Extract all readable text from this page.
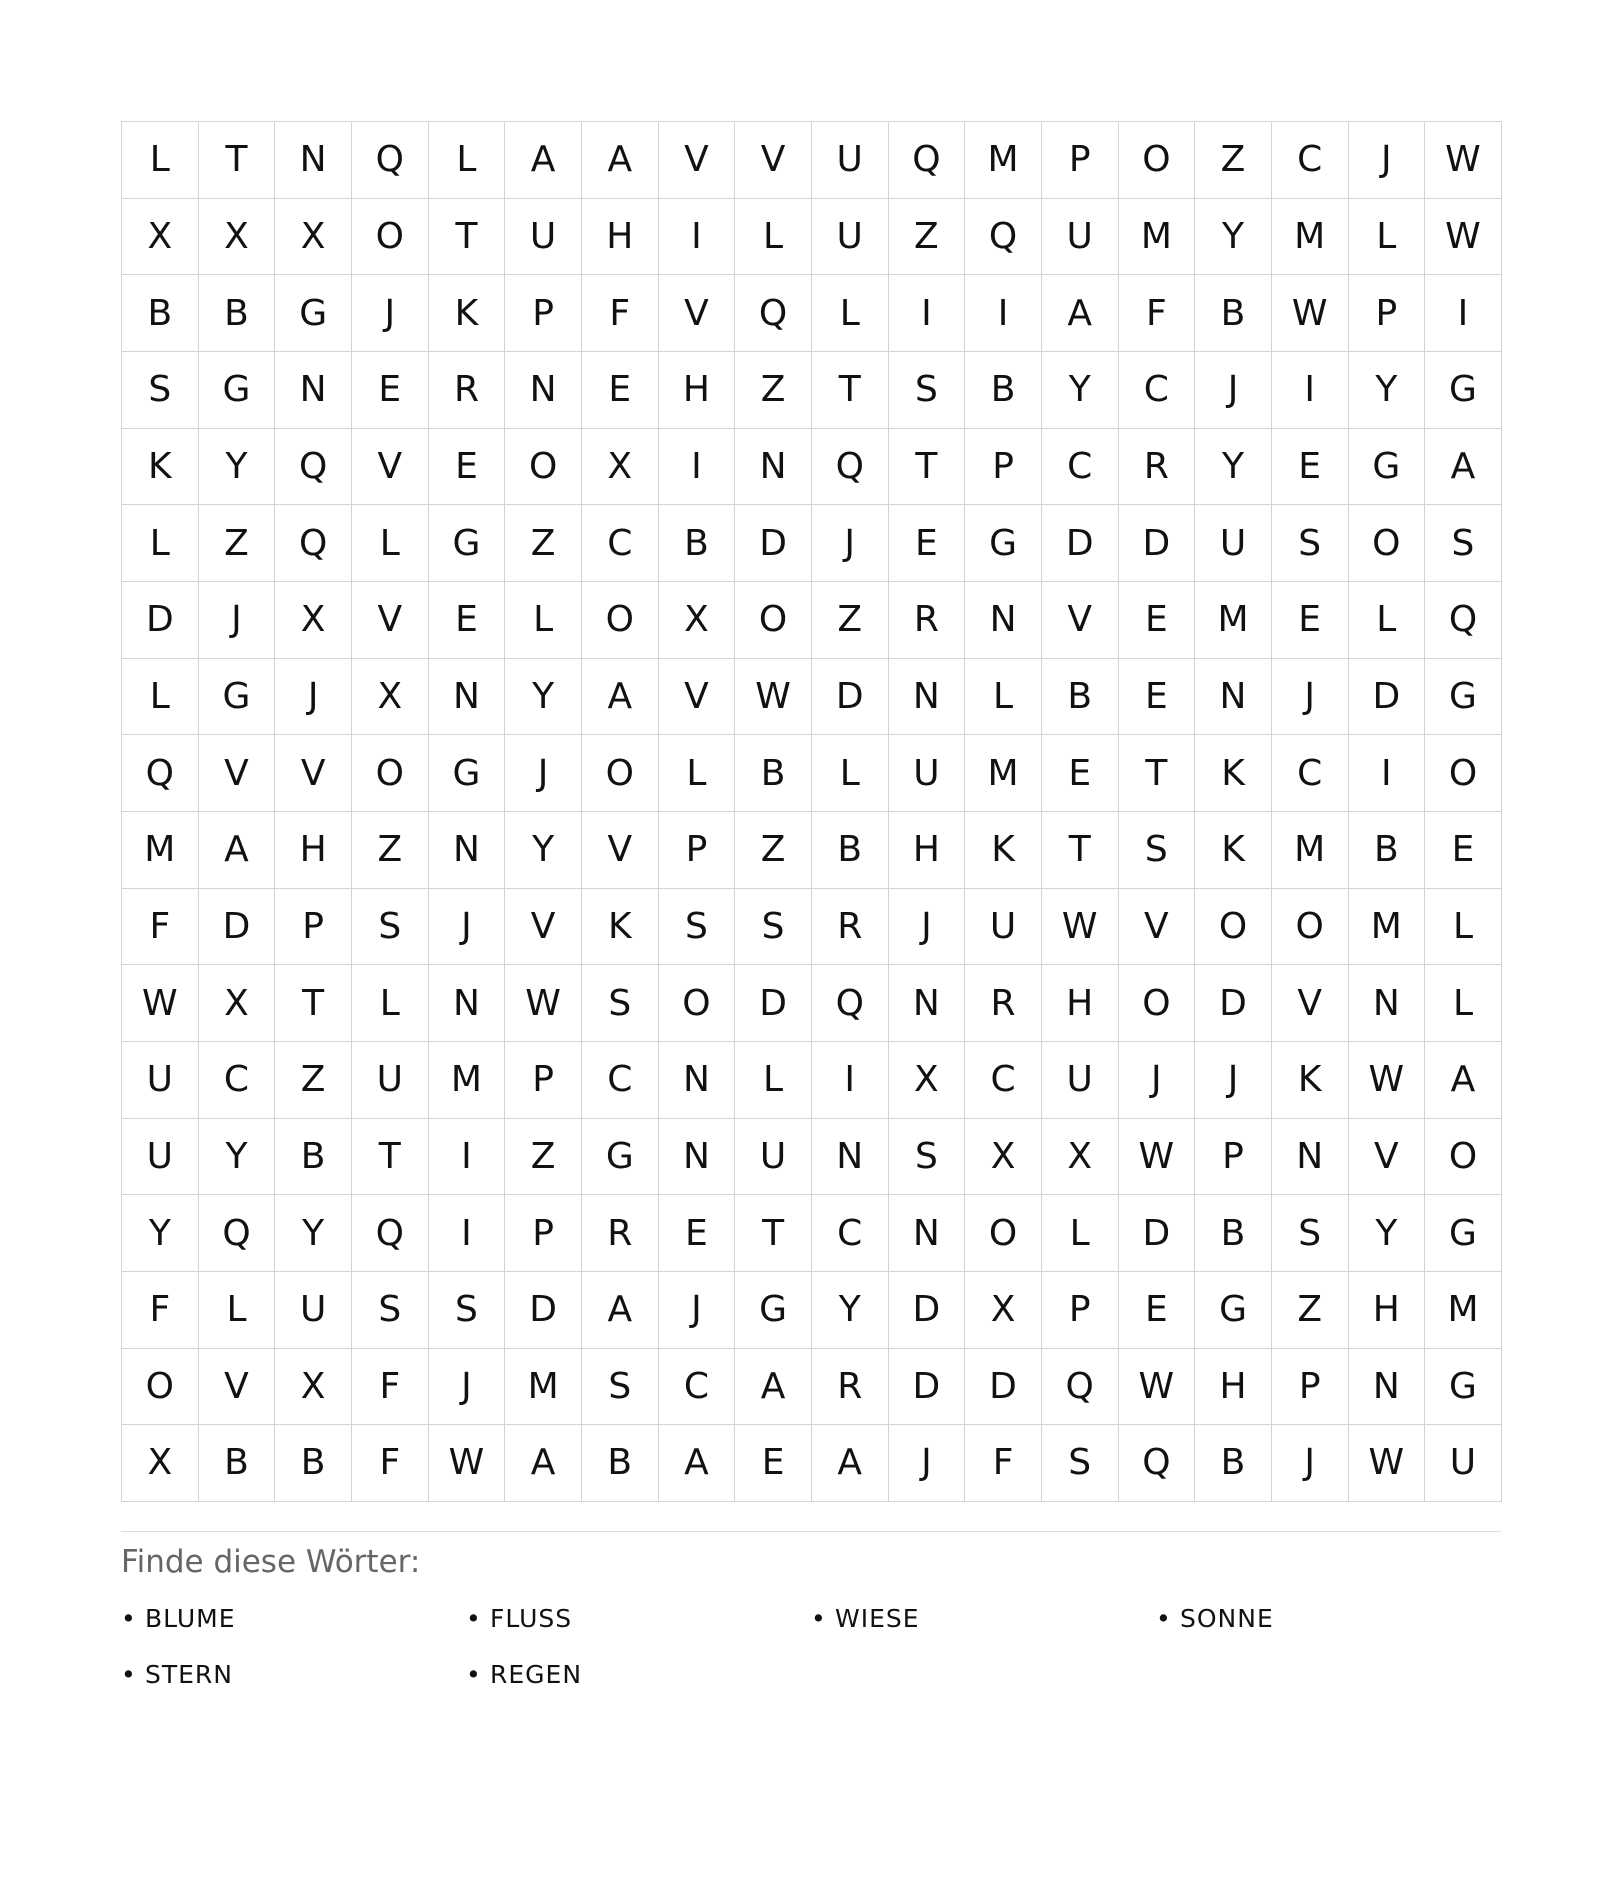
L	T	N	Q	L	A	A	V	V	U	Q	M	P	O	Z	C	J	W
X	X	X	O	T	U	H	I	L	U	Z	Q	U	M	Y	M	L	W
B	B	G	J	K	P	F	V	Q	L	I	I	A	F	B	W	P	I
S	G	N	E	R	N	E	H	Z	T	S	B	Y	C	J	I	Y	G
K	Y	Q	V	E	O	X	I	N	Q	T	P	C	R	Y	E	G	A
L	Z	Q	L	G	Z	C	B	D	J	E	G	D	D	U	S	O	S
D	J	X	V	E	L	O	X	O	Z	R	N	V	E	M	E	L	Q
L	G	J	X	N	Y	A	V	W	D	N	L	B	E	N	J	D	G
Q	V	V	O	G	J	O	L	B	L	U	M	E	T	K	C	I	O
M	A	H	Z	N	Y	V	P	Z	B	H	K	T	S	K	M	B	E
F	D	P	S	J	V	K	S	S	R	J	U	W	V	O	O	M	L
W	X	T	L	N	W	S	O	D	Q	N	R	H	O	D	V	N	L
U	C	Z	U	M	P	C	N	L	I	X	C	U	J	J	K	W	A
U	Y	B	T	I	Z	G	N	U	N	S	X	X	W	P	N	V	O
Y	Q	Y	Q	I	P	R	E	T	C	N	O	L	D	B	S	Y	G
F	L	U	S	S	D	A	J	G	Y	D	X	P	E	G	Z	H	M
O	V	X	F	J	M	S	C	A	R	D	D	Q	W	H	P	N	G
X	B	B	F	W	A	B	A	E	A	J	F	S	Q	B	J	W	U
Finde diese Wörter:
• BLUME	• FLUSS	• WIESE	• SONNE
• STERN	• REGEN
